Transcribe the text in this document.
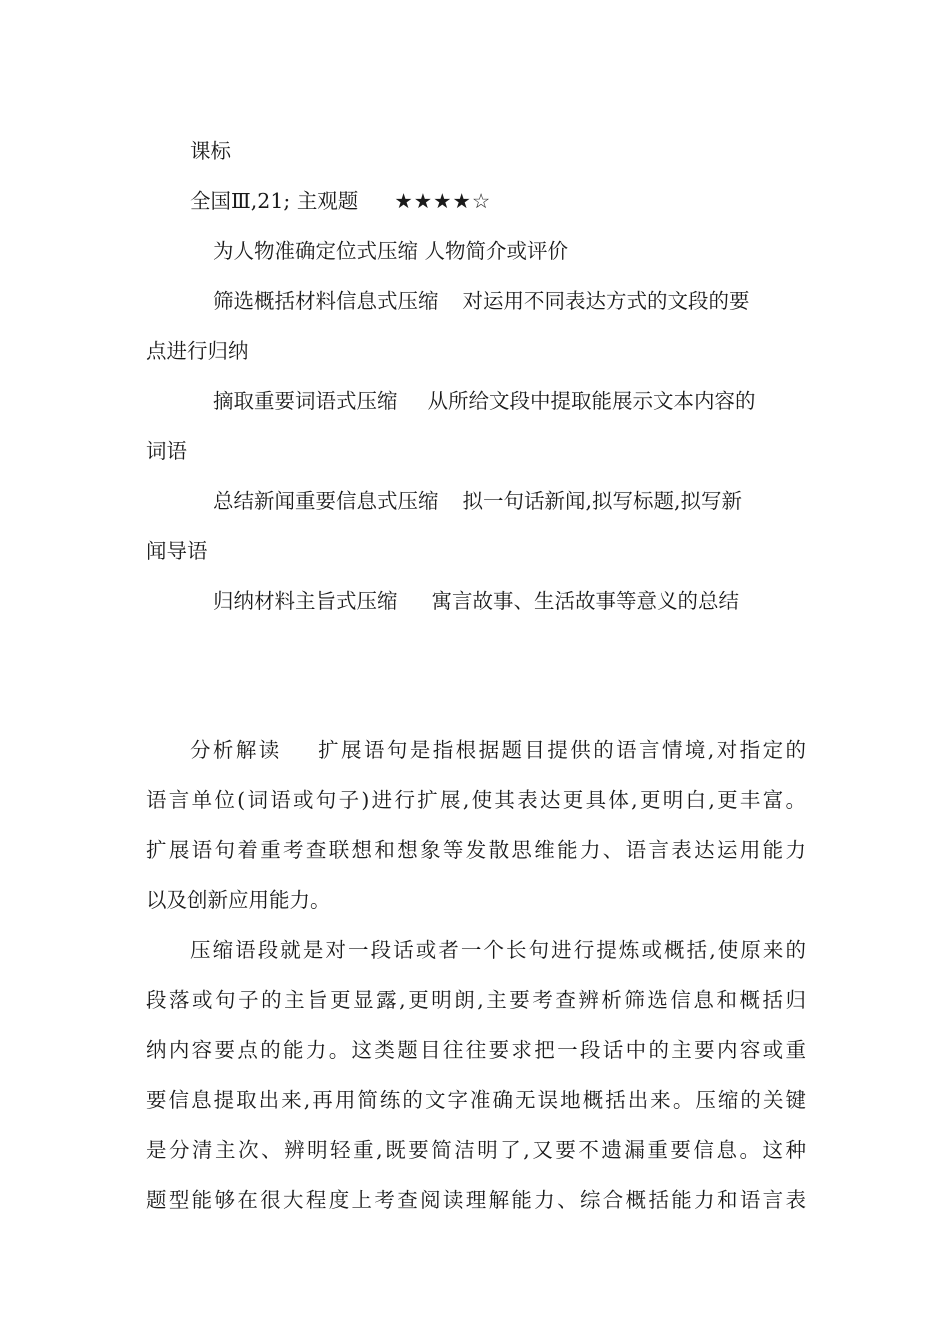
课标
全国Ⅲ,21; 主观题 ★★★★☆
为人物准确定位式压缩 人物简介或评价
筛选概括材料信息式压缩 对运用不同表达方式的文段的要
点进行归纳
摘取重要词语式压缩 从所给文段中提取能展示文本内容的
词语
总结新闻重要信息式压缩 拟一句话新闻,拟写标题,拟写新
闻导语
归纳材料主旨式压缩 寓言故事、生活故事等意义的总结
分析解读 扩展语句是指根据题目提供的语言情境,对指定的
语言单位(词语或句子)进行扩展,使其表达更具体,更明白,更丰富。
扩展语句着重考查联想和想象等发散思维能力、语言表达运用能力
以及创新应用能力。
压缩语段就是对一段话或者一个长句进行提炼或概括,使原来的
段落或句子的主旨更显露,更明朗,主要考查辨析筛选信息和概括归
纳内容要点的能力。这类题目往往要求把一段话中的主要内容或重
要信息提取出来,再用简练的文字准确无误地概括出来。压缩的关键
是分清主次、辨明轻重,既要简洁明了,又要不遗漏重要信息。这种
题型能够在很大程度上考查阅读理解能力、综合概括能力和语言表
